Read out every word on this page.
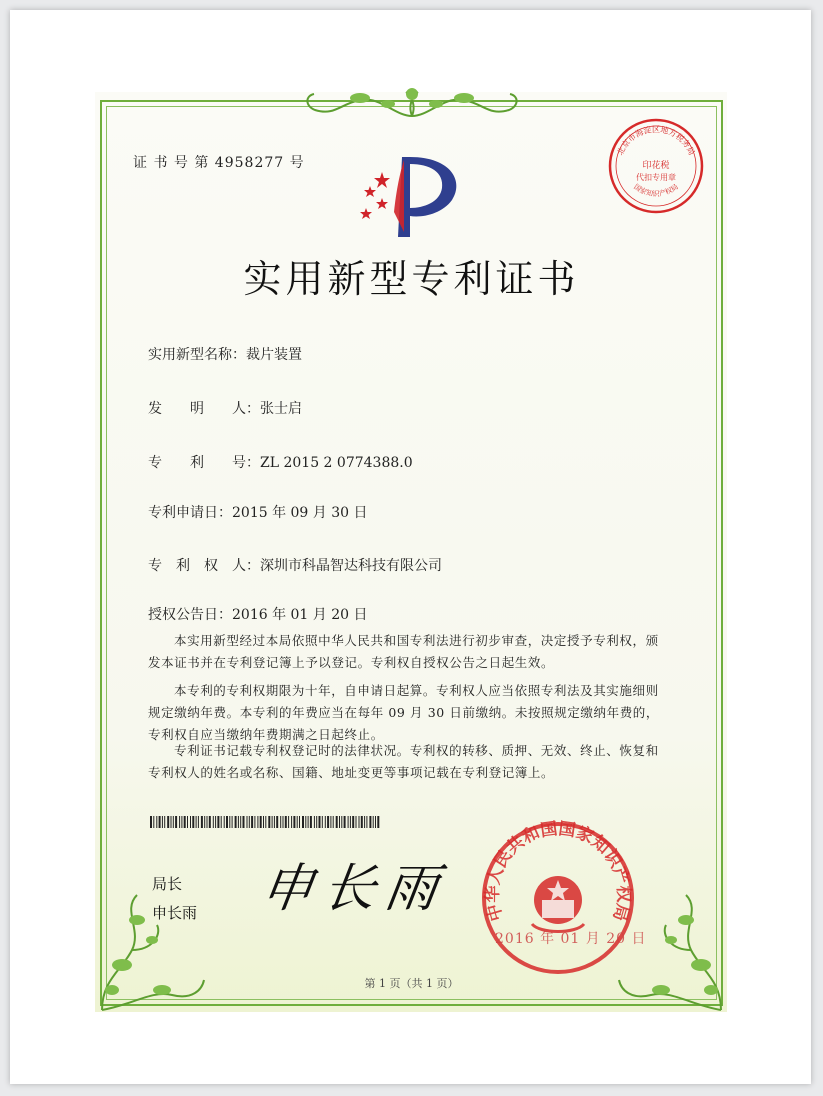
证 书 号 第 4958277 号
北京市海淀区地方税务局
国家知识产权局
印花税
代扣专用章
实用新型专利证书
实用新型名称：裁片装置
发　　明　　人：张士启
专　　利　　号：ZL 2015 2 0774388.0
专利申请日：2015 年 09 月 30 日
专　利　权　人：深圳市科晶智达科技有限公司
授权公告日：2016 年 01 月 20 日
本实用新型经过本局依照中华人民共和国专利法进行初步审查，决定授予专利权，颁发本证书并在专利登记簿上予以登记。专利权自授权公告之日起生效。
本专利的专利权期限为十年，自申请日起算。专利权人应当依照专利法及其实施细则规定缴纳年费。本专利的年费应当在每年 09 月 30 日前缴纳。未按照规定缴纳年费的，专利权自应当缴纳年费期满之日起终止。
专利证书记载专利权登记时的法律状况。专利权的转移、质押、无效、终止、恢复和专利权人的姓名或名称、国籍、地址变更等事项记载在专利登记簿上。
局长
申长雨 申长雨 中华人民共和国国家知识产权局
2016 年 01 月 20 日
第 1 页（共 1 页）
